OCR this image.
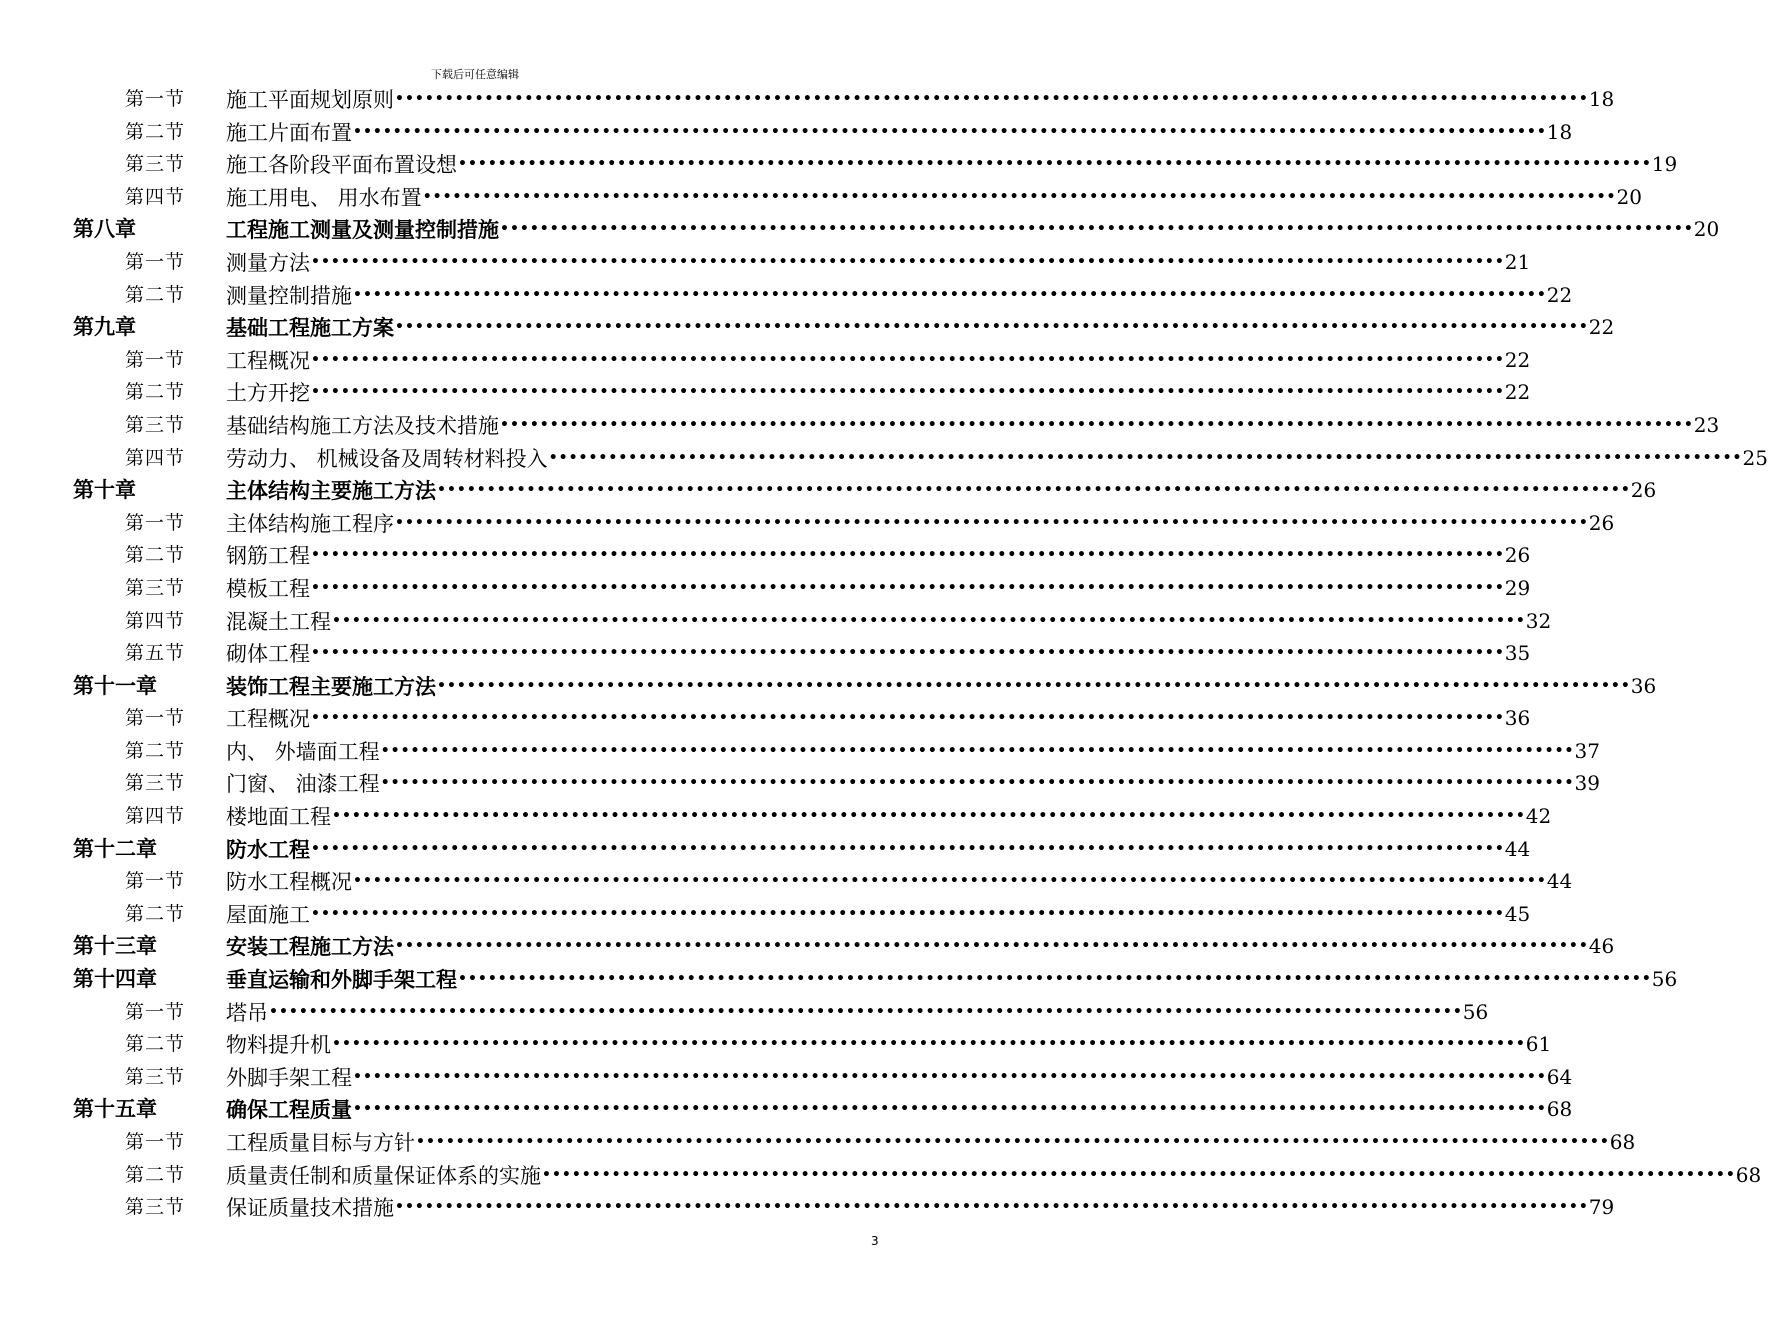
下载后可任意编辑
第一节 施工平面规划原则 •••••••••••••••••••••••••••••••••••••••••••••••••••••••••••••••••••••••••••••••••••••••••••••••••••••••••••••••••••••••• 18
第二节 施工片面布置 •••••••••••••••••••••••••••••••••••••••••••••••••••••••••••••••••••••••••••••••••••••••••••••••••••••••••••••••••••••••• 18
第三节 施工各阶段平面布置设想 •••••••••••••••••••••••••••••••••••••••••••••••••••••••••••••••••••••••••••••••••••••••••••••••••••••••••••••••••••••••• 19
第四节 施工用电、 用水布置 •••••••••••••••••••••••••••••••••••••••••••••••••••••••••••••••••••••••••••••••••••••••••••••••••••••••••••••••••••••••• 20
第八章	工程施工测量及测量控制措施 •••••••••••••••••••••••••••••••••••••••••••••••••••••••••••••••••••••••••••••••••••••••••••••••••••••••••••••••••••••••• 20
第一节 测量方法 •••••••••••••••••••••••••••••••••••••••••••••••••••••••••••••••••••••••••••••••••••••••••••••••••••••••••••••••••••••••• 21
第二节 测量控制措施 •••••••••••••••••••••••••••••••••••••••••••••••••••••••••••••••••••••••••••••••••••••••••••••••••••••••••••••••••••••••• 22
第九章	基础工程施工方案 •••••••••••••••••••••••••••••••••••••••••••••••••••••••••••••••••••••••••••••••••••••••••••••••••••••••••••••••••••••••• 22
第一节 工程概况 •••••••••••••••••••••••••••••••••••••••••••••••••••••••••••••••••••••••••••••••••••••••••••••••••••••••••••••••••••••••• 22
第二节 土方开挖 •••••••••••••••••••••••••••••••••••••••••••••••••••••••••••••••••••••••••••••••••••••••••••••••••••••••••••••••••••••••• 22
第三节 基础结构施工方法及技术措施 •••••••••••••••••••••••••••••••••••••••••••••••••••••••••••••••••••••••••••••••••••••••••••••••••••••••••••••••••••••••• 23
第四节 劳动力、 机械设备及周转材料投入 •••••••••••••••••••••••••••••••••••••••••••••••••••••••••••••••••••••••••••••••••••••••••••••••••••••••••••••••••••••••• 25
第十章	主体结构主要施工方法 •••••••••••••••••••••••••••••••••••••••••••••••••••••••••••••••••••••••••••••••••••••••••••••••••••••••••••••••••••••••• 26
第一节 主体结构施工程序 •••••••••••••••••••••••••••••••••••••••••••••••••••••••••••••••••••••••••••••••••••••••••••••••••••••••••••••••••••••••• 26
第二节 钢筋工程 •••••••••••••••••••••••••••••••••••••••••••••••••••••••••••••••••••••••••••••••••••••••••••••••••••••••••••••••••••••••• 26
第三节 模板工程 •••••••••••••••••••••••••••••••••••••••••••••••••••••••••••••••••••••••••••••••••••••••••••••••••••••••••••••••••••••••• 29
第四节 混凝土工程 •••••••••••••••••••••••••••••••••••••••••••••••••••••••••••••••••••••••••••••••••••••••••••••••••••••••••••••••••••••••• 32
第五节 砌体工程 •••••••••••••••••••••••••••••••••••••••••••••••••••••••••••••••••••••••••••••••••••••••••••••••••••••••••••••••••••••••• 35
第十一章	装饰工程主要施工方法 •••••••••••••••••••••••••••••••••••••••••••••••••••••••••••••••••••••••••••••••••••••••••••••••••••••••••••••••••••••••• 36
第一节 工程概况 •••••••••••••••••••••••••••••••••••••••••••••••••••••••••••••••••••••••••••••••••••••••••••••••••••••••••••••••••••••••• 36
第二节 内、 外墙面工程 •••••••••••••••••••••••••••••••••••••••••••••••••••••••••••••••••••••••••••••••••••••••••••••••••••••••••••••••••••••••• 37
第三节 门窗、 油漆工程 •••••••••••••••••••••••••••••••••••••••••••••••••••••••••••••••••••••••••••••••••••••••••••••••••••••••••••••••••••••••• 39
第四节 楼地面工程 •••••••••••••••••••••••••••••••••••••••••••••••••••••••••••••••••••••••••••••••••••••••••••••••••••••••••••••••••••••••• 42
第十二章	防水工程 •••••••••••••••••••••••••••••••••••••••••••••••••••••••••••••••••••••••••••••••••••••••••••••••••••••••••••••••••••••••• 44
第一节 防水工程概况 •••••••••••••••••••••••••••••••••••••••••••••••••••••••••••••••••••••••••••••••••••••••••••••••••••••••••••••••••••••••• 44
第二节 屋面施工 •••••••••••••••••••••••••••••••••••••••••••••••••••••••••••••••••••••••••••••••••••••••••••••••••••••••••••••••••••••••• 45
第十三章	安装工程施工方法 •••••••••••••••••••••••••••••••••••••••••••••••••••••••••••••••••••••••••••••••••••••••••••••••••••••••••••••••••••••••• 46
第十四章	垂直运输和外脚手架工程 •••••••••••••••••••••••••••••••••••••••••••••••••••••••••••••••••••••••••••••••••••••••••••••••••••••••••••••••••••••••• 56
第一节 塔吊 •••••••••••••••••••••••••••••••••••••••••••••••••••••••••••••••••••••••••••••••••••••••••••••••••••••••••••••••••••••••• 56
第二节 物料提升机 •••••••••••••••••••••••••••••••••••••••••••••••••••••••••••••••••••••••••••••••••••••••••••••••••••••••••••••••••••••••• 61
第三节 外脚手架工程 •••••••••••••••••••••••••••••••••••••••••••••••••••••••••••••••••••••••••••••••••••••••••••••••••••••••••••••••••••••••• 64
第十五章	确保工程质量 •••••••••••••••••••••••••••••••••••••••••••••••••••••••••••••••••••••••••••••••••••••••••••••••••••••••••••••••••••••••• 68
第一节 工程质量目标与方针 •••••••••••••••••••••••••••••••••••••••••••••••••••••••••••••••••••••••••••••••••••••••••••••••••••••••••••••••••••••••• 68
第二节 质量责任制和质量保证体系的实施 •••••••••••••••••••••••••••••••••••••••••••••••••••••••••••••••••••••••••••••••••••••••••••••••••••••••••••••••••••••••• 68
第三节 保证质量技术措施 •••••••••••••••••••••••••••••••••••••••••••••••••••••••••••••••••••••••••••••••••••••••••••••••••••••••••••••••••••••••• 79
3
